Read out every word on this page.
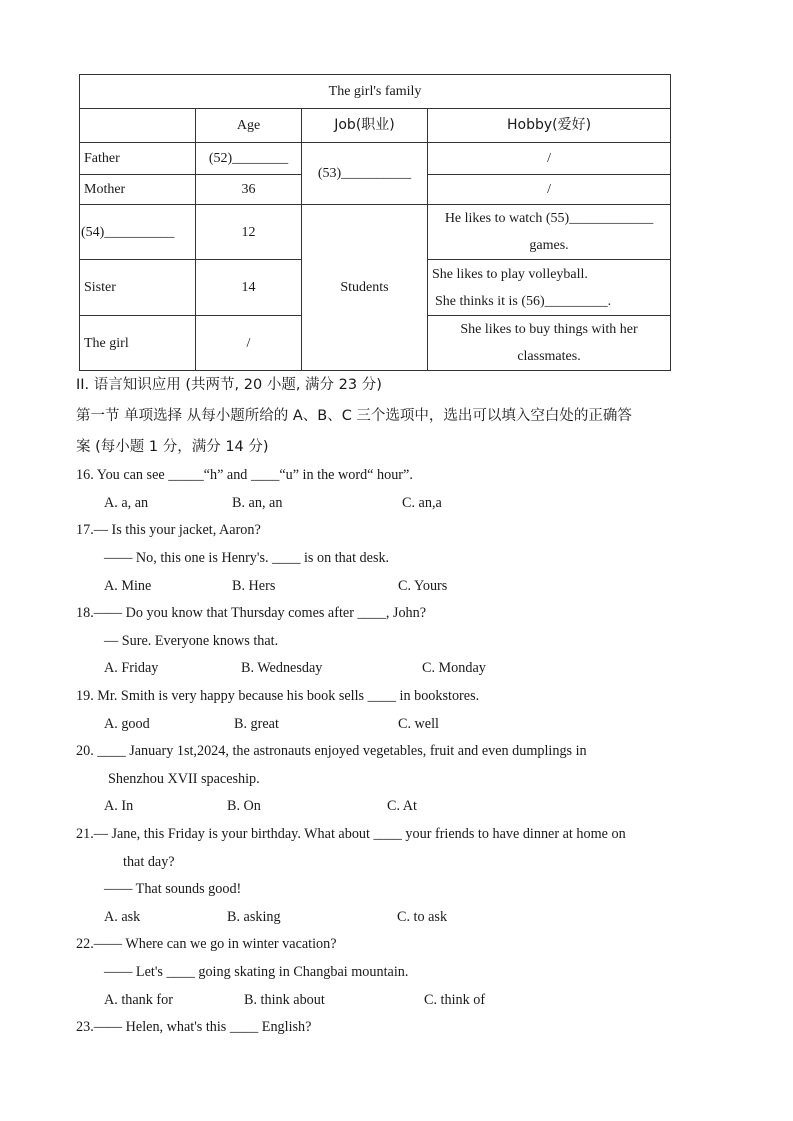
The girl's family			
	Age	Job(职业)	Hobby(爱好)
Father	(52)________	(53)__________	/
Mother	36		/
(54)__________	12	Students	He likes to watch (55)____________
games.

Sister	14		She likes to play volleyball.
She thinks it is (56)_________.

The girl	/		She likes to buy things with her
classmates.
II. 语言知识应用 (共两节, 20 小题, 满分 23 分)
第一节 单项选择 从每小题所给的 A、B、C 三个选项中，选出可以填入空白处的正确答
案 (每小题 1 分，满分 14 分)
16. You can see _____“h” and ____“u” in the word“ hour”.
A. a, an	B. an, an	C. an,a
17.— Is this your jacket, Aaron?
—— No, this one is Henry's. ____ is on that desk.
A. Mine	B. Hers	C. Yours
18.—— Do you know that Thursday comes after ____, John?
— Sure. Everyone knows that.
A. Friday	B. Wednesday	C. Monday
19. Mr. Smith is very happy because his book sells ____ in bookstores.
A. good	B. great	C. well
20. ____ January 1st,2024, the astronauts enjoyed vegetables, fruit and even dumplings in
Shenzhou XVII spaceship.
A. In	B. On	C. At
21.— Jane, this Friday is your birthday. What about ____ your friends to have dinner at home on
that day?
—— That sounds good!
A. ask	B. asking	C. to ask
22.—— Where can we go in winter vacation?
—— Let's ____ going skating in Changbai mountain.
A. thank for	B. think about	C. think of
23.—— Helen, what's this ____ English?
